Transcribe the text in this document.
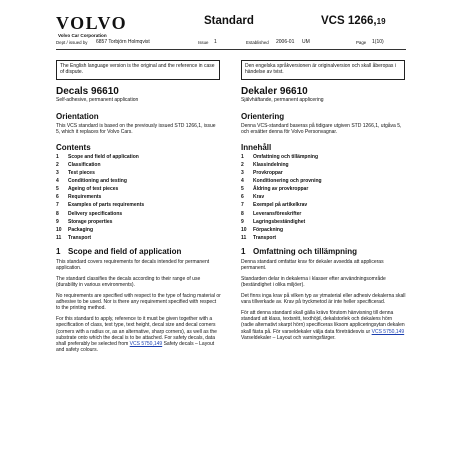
VOLVO
Volvo Car Corporation
Standard	VCS 1266,19
Dept / issued by 6857 Torbjörn Holmqvist	Issue 1	Established 2006-01 UM	Page 1(10)
The English language version is the original and the reference in case of dispute.
Den engelska språkversionen är originalversion och skall åberopas i händelse av tvist.
Decals 96610
Self-adhesive, permanent application
Orientation
This VCS standard is based on the previously issued STD 1266,1, issue 5, which it replaces for Volvo Cars.
Contents
1 Scope and field of application
2 Classification
3 Test pieces
4 Conditioning and testing
5 Ageing of test pieces
6 Requirements
7 Examples of parts requirements
8 Delivery specifications
9 Storage properties
10 Packaging
11 Transport
1 Scope and field of application
This standard covers requirements for decals intended for permanent application.
The standard classifies the decals according to their range of use (durability in various environments).
No requirements are specified with respect to the type of facing material or adhesive to be used. Nor is there any requirement specified with respect to the printing method.
For this standard to apply, reference to it must be given together with a specification of class, text type, text height, decal size and decal corners (corners with a radius or, as an alternative, sharp corners), as well as the substrate onto which the decal is to be attached. For safety decals, data shall preferably be selected from VCS 5750,149 Safety decals – Layout and safety colours.
Dekaler 96610
Självhäftande, permanent applicering
Orientering
Denna VCS-standard baseras på tidigare utgiven STD 1266,1, utgåva 5, och ersätter denna för Volvo Personvagnar.
Innehåll
1 Omfattning och tillämpning
2 Klassindelning
3 Provkroppar
4 Konditionering och provning
5 Åldring av provkroppar
6 Krav
7 Exempel på artikelkrav
8 Leveransföreskrifter
9 Lagringsbeständighet
10 Förpackning
11 Transport
1 Omfattning och tillämpning
Denna standard omfattar krav för dekaler avsedda att appliceras permanent.
Standarden delar in dekalerna i klasser efter användningsområde (beständighet i olika miljöer).
Det finns inga krav på vilken typ av ytmaterial eller adhesiv dekalerna skall vara tillverkade av. Krav på tryckmetod är inte heller specificerad.
För att denna standard skall gälla krävs förutom hänvisning till denna standard att klass, textsnitt, texthöjd, dekalstorlek och dekalens hörn (radie alternativt skarpt hörn) specificeras liksom appliceringsytan dekalen skall fästa på. För varseldekaler välja data företrädesvis ur VCS 5750,149 Varseldekaler – Layout och varningsfärger.
